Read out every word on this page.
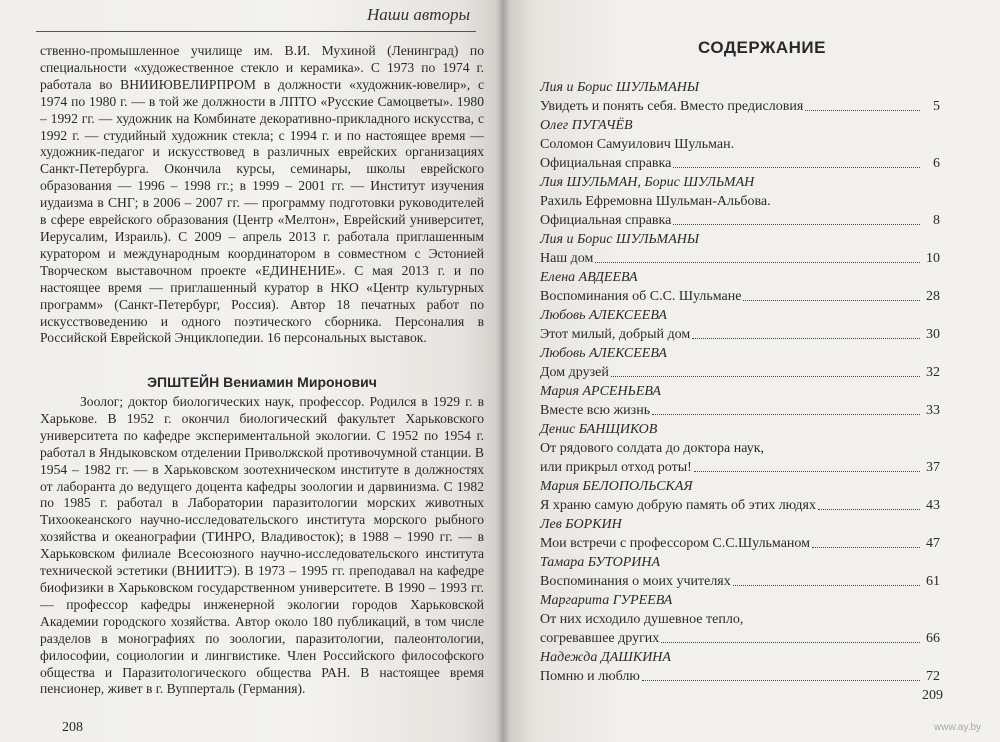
Наши авторы

ственно-промышленное училище им. В.И. Мухиной (Ленинград) по специальности «художественное стекло и керамика». С 1973 по 1974 г. работала во ВНИИЮВЕЛИРПРОМ в должности «художник-ювелир», с 1974 по 1980 г. — в той же должности в ЛПТО «Русские Самоцветы». 1980 – 1992 гг. — художник на Комбинате декоративно-прикладного искусства, с 1992 г. — студийный художник стекла; с 1994 г. и по настоящее время — художник-педагог и искусствовед в различных еврейских организациях Санкт-Петербурга. Окончила курсы, семинары, школы еврейского образования — 1996 – 1998 гг.; в 1999 – 2001 гг. — Институт изучения иудаизма в СНГ; в 2006 – 2007 гг. — программу подготовки руководителей в сфере еврейского образования (Центр «Мелтон», Еврейский университет, Иерусалим, Израиль). С 2009 – апрель 2013 г. работала приглашенным куратором и международным координатором в совместном с Эстонией Творческом выставочном проекте «ЕДИНЕНИЕ». С мая 2013 г. и по настоящее время — приглашенный куратор в НКО «Центр культурных программ» (Санкт-Петербург, Россия). Автор 18 печатных работ по искусствоведению и одного поэтического сборника. Персоналия в Российской Еврейской Энциклопедии. 16 персональных выставок.

ЭПШТЕЙН Вениамин Миронович

Зоолог; доктор биологических наук, профессор. Родился в 1929 г. в Харькове. В 1952 г. окончил биологический факультет Харьковского университета по кафедре экспериментальной экологии. С 1952 по 1954 г. работал в Яндыковском отделении Приволжской противочумной станции. В 1954 – 1982 гг. — в Харьковском зоотехническом институте в должностях от лаборанта до ведущего доцента кафедры зоологии и дарвинизма. С 1982 по 1985 г. работал в Лаборатории паразитологии морских животных Тихоокеанского научно-исследовательского института морского рыбного хозяйства и океанографии (ТИНРО, Владивосток); в 1988 – 1990 гг. — в Харьковском филиале Всесоюзного научно-исследовательского института технической эстетики (ВНИИТЭ). В 1973 – 1995 гг. преподавал на кафедре биофизики в Харьковском государственном университете. В 1990 – 1993 гг. — профессор кафедры инженерной экологии городов Харьковской Академии городского хозяйства. Автор около 180 публикаций, в том числе разделов в монографиях по зоологии, паразитологии, палеонтологии, философии, социологии и лингвистике. Член Российского философского общества и Паразитологического общества РАН. В настоящее время пенсионер, живет в г. Вупперталь (Германия).

208
СОДЕРЖАНИЕ
Лия и Борис ШУЛЬМАНЫ
Увидеть и понять себя. Вместо предисловия	5
Олег ПУГАЧЁВ
Соломон Самуилович Шульман.
Официальная справка	6
Лия ШУЛЬМАН, Борис ШУЛЬМАН
Рахиль Ефремовна Шульман-Альбова.
Официальная справка	8
Лия и Борис ШУЛЬМАНЫ
Наш дом	10
Елена АВДЕЕВА
Воспоминания об С.С. Шульмане	28
Любовь АЛЕКСЕЕВА
Этот милый, добрый дом	30
Любовь АЛЕКСЕЕВА
Дом друзей	32
Мария АРСЕНЬЕВА
Вместе всю жизнь	33
Денис БАНЩИКОВ
От рядового солдата до доктора наук,
или прикрыл отход роты!	37
Мария БЕЛОПОЛЬСКАЯ
Я храню самую добрую память об этих людях	43
Лев БОРКИН
Мои встречи с профессором С.С.Шульманом	47
Тамара БУТОРИНА
Воспоминания о моих учителях	61
Маргарита ГУРЕЕВА
От них исходило душевное тепло,
согревавшее других	66
Надежда ДАШКИНА
Помню и люблю	72
209
www.ay.by
